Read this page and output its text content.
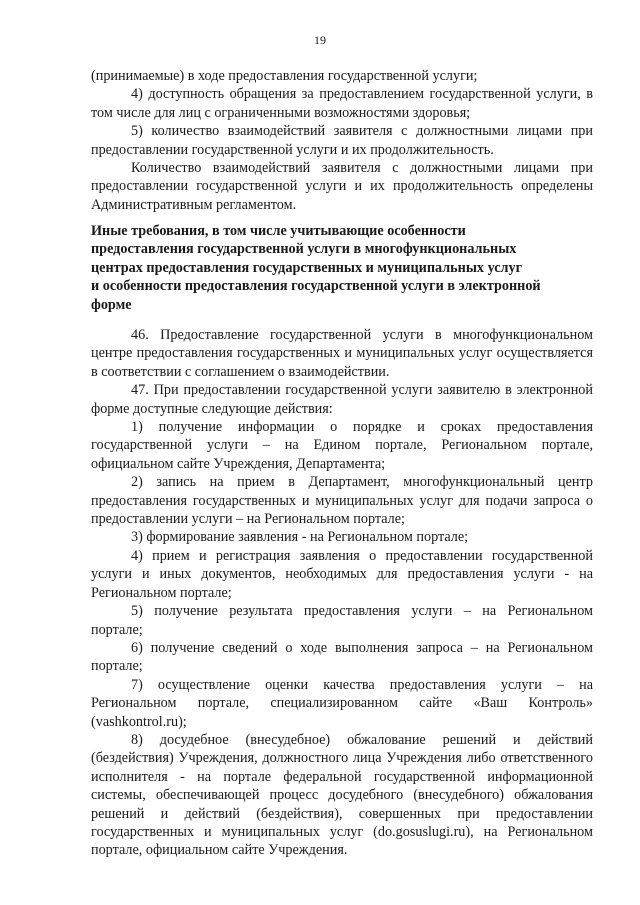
19

(принимаемые) в ходе предоставления государственной услуги;

4) доступность обращения за предоставлением государственной услуги, в том числе для лиц с ограниченными возможностями здоровья;

5) количество взаимодействий заявителя с должностными лицами при предоставлении государственной услуги и их продолжительность.

Количество взаимодействий заявителя с должностными лицами при предоставлении государственной услуги и их продолжительность определены Административным регламентом.

Иные требования, в том числе учитывающие особенности
предоставления государственной услуги в многофункциональных
центрах предоставления государственных и муниципальных услуг
и особенности предоставления государственной услуги в электронной
форме

46. Предоставление государственной услуги в многофункциональном центре предоставления государственных и муниципальных услуг осуществляется в соответствии с соглашением о взаимодействии.

47. При предоставлении государственной услуги заявителю в электронной форме доступные следующие действия:

1) получение информации о порядке и сроках предоставления государственной услуги – на Едином портале, Региональном портале, официальном сайте Учреждения, Департамента;

2) запись на прием в Департамент, многофункциональный центр предоставления государственных и муниципальных услуг для подачи запроса о предоставлении услуги – на Региональном портале;

3) формирование заявления - на Региональном портале;

4) прием и регистрация заявления о предоставлении государственной услуги и иных документов, необходимых для предоставления услуги - на Региональном портале;

5) получение результата предоставления услуги – на Региональном портале;

6) получение сведений о ходе выполнения запроса – на Региональном портале;

7) осуществление оценки качества предоставления услуги – на Региональном портале, специализированном сайте «Ваш Контроль» (vashkontrol.ru);

8) досудебное (внесудебное) обжалование решений и действий (бездействия) Учреждения, должностного лица Учреждения либо ответственного исполнителя - на портале федеральной государственной информационной системы, обеспечивающей процесс досудебного (внесудебного) обжалования решений и действий (бездействия), совершенных при предоставлении государственных и муниципальных услуг (do.gosuslugi.ru), на Региональном портале, официальном сайте Учреждения.
